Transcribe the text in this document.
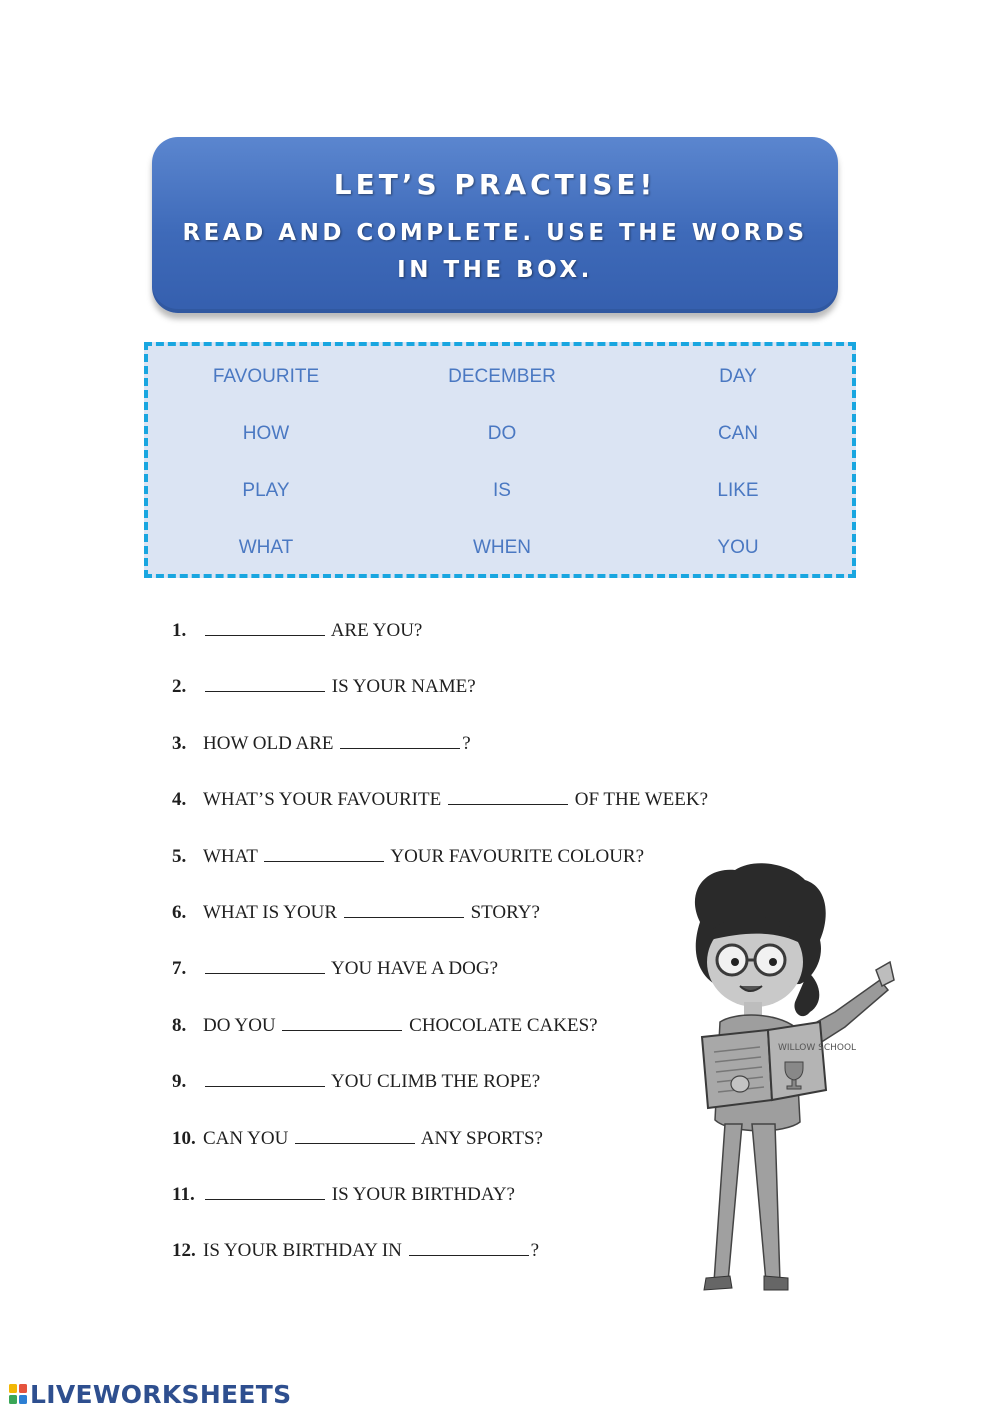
LET’S PRACTISE!
READ AND COMPLETE. USE THE WORDS IN THE BOX.
FAVOURITE	DECEMBER	DAY
HOW	DO	CAN
PLAY	IS	LIKE
WHAT	WHEN	YOU
1.	ARE YOU?
2.	IS YOUR NAME?
3. HOW OLD ARE	?
4. WHAT’S YOUR FAVOURITE	OF THE WEEK?
5. WHAT	YOUR FAVOURITE COLOUR?
6. WHAT IS YOUR	STORY?
7.	YOU HAVE A DOG?
8. DO YOU	CHOCOLATE CAKES?
9.	YOU CLIMB THE ROPE?
10. CAN YOU	ANY SPORTS?
11.	IS YOUR BIRTHDAY?
12. IS YOUR BIRTHDAY IN	?
WILLOW SCHOOL
LIVEWORKSHEETS
